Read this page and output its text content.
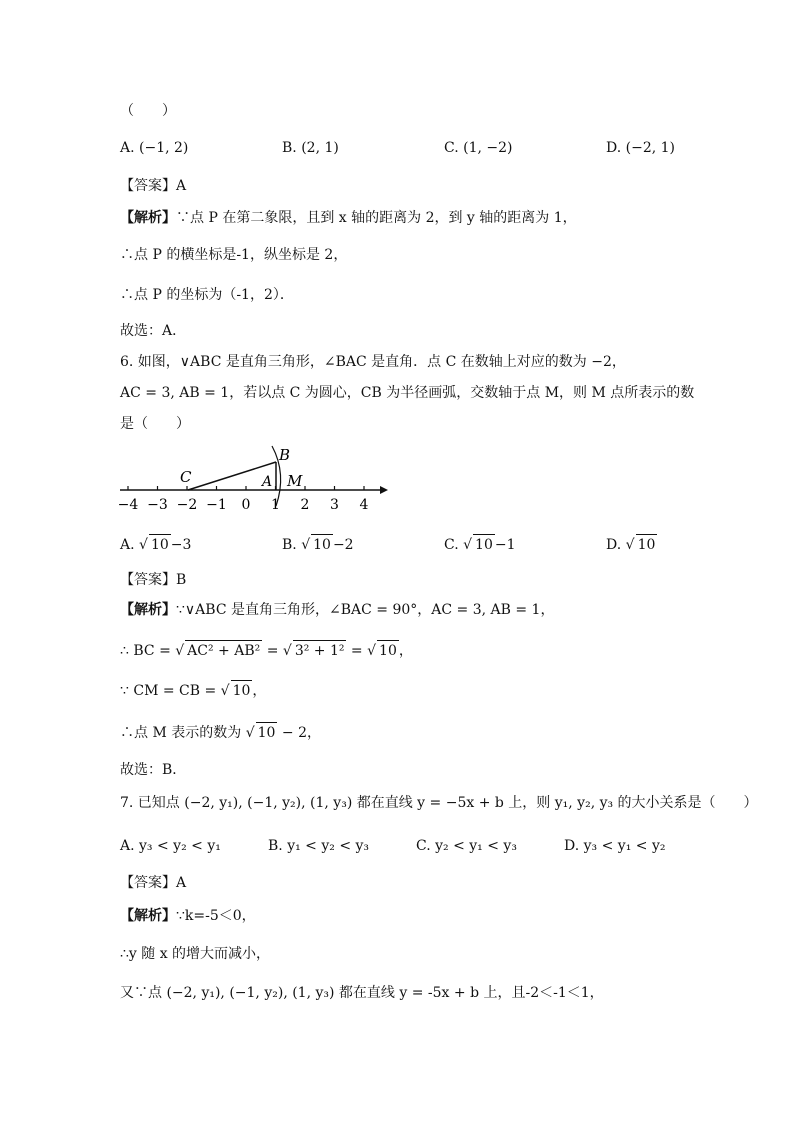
（　　）
A. (−1, 2)	B. (2, 1)	C. (1, −2)	D. (−2, 1)
【答案】A
【解析】∵点 P 在第二象限，且到 x 轴的距离为 2，到 y 轴的距离为 1，
∴点 P 的横坐标是-1，纵坐标是 2，
∴点 P 的坐标为（-1，2）．
故选：A．
6. 如图，∨ABC 是直角三角形，∠BAC 是直角．点 C 在数轴上对应的数为 −2，
AC = 3, AB = 1，若以点 C 为圆心，CB 为半径画弧，交数轴于点 M，则 M 点所表示的数
是（　　）
−4 −3 −2 −1 0 1 2 3 4
C	A
B
M
A. √ 10 −3	B. √ 10 −2	C. √ 10 −1	D. √ 10
【答案】B
【解析】∵∨ABC 是直角三角形，∠BAC = 90°，AC = 3, AB = 1，
∴ BC = √ AC² + AB² = √ 3² + 1² = √ 10 ，
∵ CM = CB = √ 10 ，
∴点 M 表示的数为 √ 10 − 2，
故选：B．
7. 已知点 (−2, y₁), (−1, y₂), (1, y₃) 都在直线 y = −5x + b 上，则 y₁, y₂, y₃ 的大小关系是（　　）
A. y₃ < y₂ < y₁	B. y₁ < y₂ < y₃	C. y₂ < y₁ < y₃	D. y₃ < y₁ < y₂
【答案】A
【解析】∵k=-5＜0，
∴y 随 x 的增大而减小，
又∵点 (−2, y₁), (−1, y₂), (1, y₃) 都在直线 y = -5x + b 上，且-2＜-1＜1，
